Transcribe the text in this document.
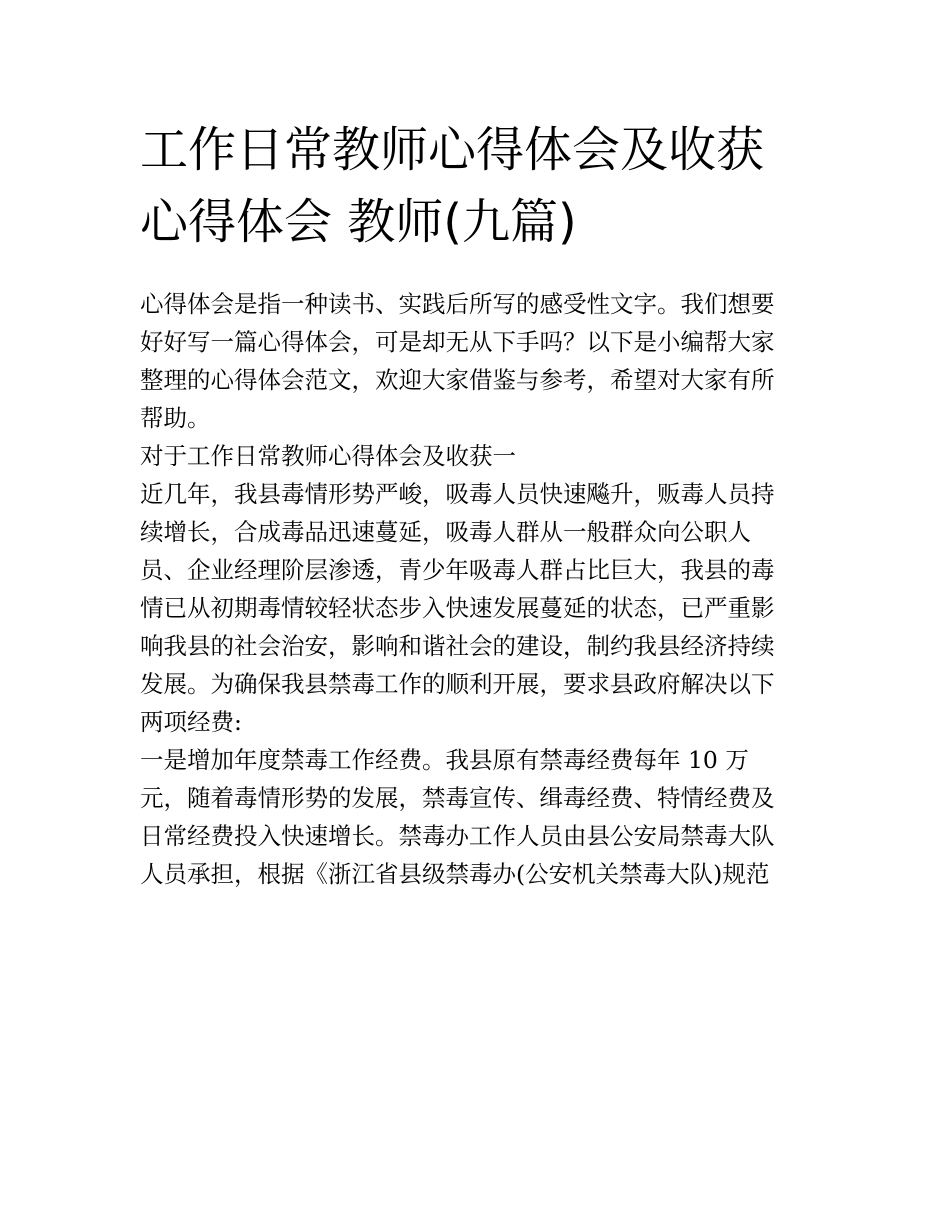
工作日常教师心得体会及收获
心得体会 教师(九篇)
心得体会是指一种读书、实践后所写的感受性文字。我们想要
好好写一篇心得体会，可是却无从下手吗？以下是小编帮大家
整理的心得体会范文，欢迎大家借鉴与参考，希望对大家有所
帮助。
对于工作日常教师心得体会及收获一
近几年，我县毒情形势严峻，吸毒人员快速飚升，贩毒人员持
续增长，合成毒品迅速蔓延，吸毒人群从一般群众向公职人
员、企业经理阶层渗透，青少年吸毒人群占比巨大，我县的毒
情已从初期毒情较轻状态步入快速发展蔓延的状态，已严重影
响我县的社会治安，影响和谐社会的建设，制约我县经济持续
发展。为确保我县禁毒工作的顺利开展，要求县政府解决以下
两项经费:
一是增加年度禁毒工作经费。我县原有禁毒经费每年 10 万
元，随着毒情形势的发展，禁毒宣传、缉毒经费、特情经费及
日常经费投入快速增长。禁毒办工作人员由县公安局禁毒大队
人员承担，根据《浙江省县级禁毒办(公安机关禁毒大队)规范
